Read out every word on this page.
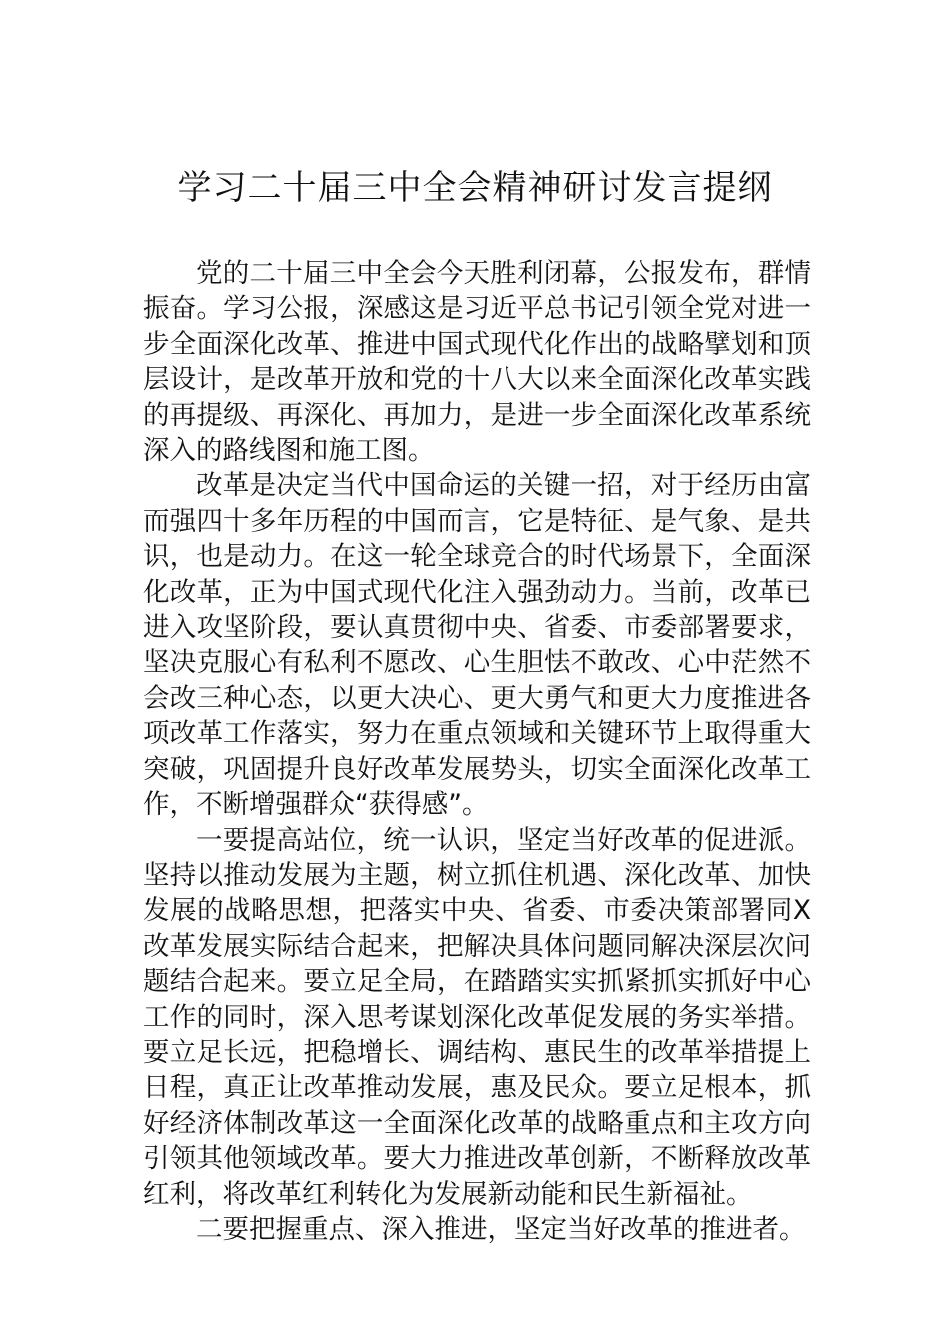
学习二十届三中全会精神研讨发言提纲

党的二十届三中全会今天胜利闭幕，公报发布，群情振奋。学习公报，深感这是习近平总书记引领全党对进一步全面深化改革、推进中国式现代化作出的战略擘划和顶层设计，是改革开放和党的十八大以来全面深化改革实践的再提级、再深化、再加力，是进一步全面深化改革系统深入的路线图和施工图。

改革是决定当代中国命运的关键一招，对于经历由富而强四十多年历程的中国而言，它是特征、是气象、是共识，也是动力。在这一轮全球竞合的时代场景下，全面深化改革，正为中国式现代化注入强劲动力。当前，改革已进入攻坚阶段，要认真贯彻中央、省委、市委部署要求，坚决克服心有私利不愿改、心生胆怯不敢改、心中茫然不会改三种心态，以更大决心、更大勇气和更大力度推进各项改革工作落实，努力在重点领域和关键环节上取得重大突破，巩固提升良好改革发展势头，切实全面深化改革工作，不断增强群众“获得感”。

一要提高站位，统一认识，坚定当好改革的促进派。坚持以推动发展为主题，树立抓住机遇、深化改革、加快发展的战略思想，把落实中央、省委、市委决策部署同X改革发展实际结合起来，把解决具体问题同解决深层次问题结合起来。要立足全局，在踏踏实实抓紧抓实抓好中心工作的同时，深入思考谋划深化改革促发展的务实举措。要立足长远，把稳增长、调结构、惠民生的改革举措提上日程，真正让改革推动发展，惠及民众。要立足根本，抓好经济体制改革这一全面深化改革的战略重点和主攻方向引领其他领域改革。要大力推进改革创新，不断释放改革红利，将改革红利转化为发展新动能和民生新福祉。

二要把握重点、深入推进，坚定当好改革的推进者。
